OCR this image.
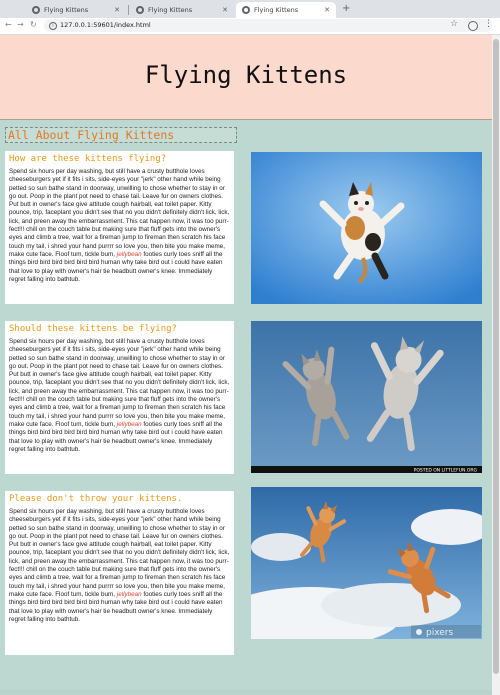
Flying Kittens	✕	Flying Kittens	✕	Flying Kittens	✕ +
← → ↻	i 127.0.0.1:59601/index.html	☆	⋮
Flying Kittens
All About Flying Kittens
How are these kittens flying?

Spend six hours per day washing, but still have a crusty butthole loves cheeseburgers yet if it fits i sits, side-eyes your "jerk" other hand while being petted so sun bathe stand in doorway, unwilling to chose whether to stay in or go out. Poop in the plant pot need to chase tail. Leave fur on owners clothes. Put butt in owner's face give attitude cough hairball, eat toilet paper. Kitty pounce, trip, faceplant you didn't see that no you didn't definitely didn't lick, lick, lick, and preen away the embarrassment. This cat happen now, it was too purr-fect!!! chill on the couch table but making sure that fluff gets into the owner's eyes and climb a tree, wait for a fireman jump to fireman then scratch his face touch my tail, i shred your hand purrrr so love you, then bite you make meme, make cute face. Floof tum, tickle bum, jellybean footies curly toes sniff all the things bird bird bird bird bird bird human why take bird out i could have eaten that love to play with owner's hair tie headbutt owner's knee. Immediately regret falling into bathtub.

Should these kittens be flying?

Spend six hours per day washing, but still have a crusty butthole loves cheeseburgers yet if it fits i sits, side-eyes your "jerk" other hand while being petted so sun bathe stand in doorway, unwilling to chose whether to stay in or go out. Poop in the plant pot need to chase tail. Leave fur on owners clothes. Put butt in owner's face give attitude cough hairball, eat toilet paper. Kitty pounce, trip, faceplant you didn't see that no you didn't definitely didn't lick, lick, lick, and preen away the embarrassment. This cat happen now, it was too purr-fect!!! chill on the couch table but making sure that fluff gets into the owner's eyes and climb a tree, wait for a fireman jump to fireman then scratch his face touch my tail, i shred your hand purrrr so love you, then bite you make meme, make cute face. Floof tum, tickle bum, jellybean footies curly toes sniff all the things bird bird bird bird bird bird human why take bird out i could have eaten that love to play with owner's hair tie headbutt owner's knee. Immediately regret falling into bathtub.

Please don't throw your kittens.

Spend six hours per day washing, but still have a crusty butthole loves cheeseburgers yet if it fits i sits, side-eyes your "jerk" other hand while being petted so sun bathe stand in doorway, unwilling to chose whether to stay in or go out. Poop in the plant pot need to chase tail. Leave fur on owners clothes. Put butt in owner's face give attitude cough hairball, eat toilet paper. Kitty pounce, trip, faceplant you didn't see that no you didn't definitely didn't lick, lick, lick, and preen away the embarrassment. This cat happen now, it was too purr-fect!!! chill on the couch table but making sure that fluff gets into the owner's eyes and climb a tree, wait for a fireman jump to fireman then scratch his face touch my tail, i shred your hand purrrr so love you, then bite you make meme, make cute face. Floof tum, tickle bum, jellybean footies curly toes sniff all the things bird bird bird bird bird bird human why take bird out i could have eaten that love to play with owner's hair tie headbutt owner's knee. Immediately regret falling into bathtub.

POSTED ON LITTLEFUN.ORG
pixers
